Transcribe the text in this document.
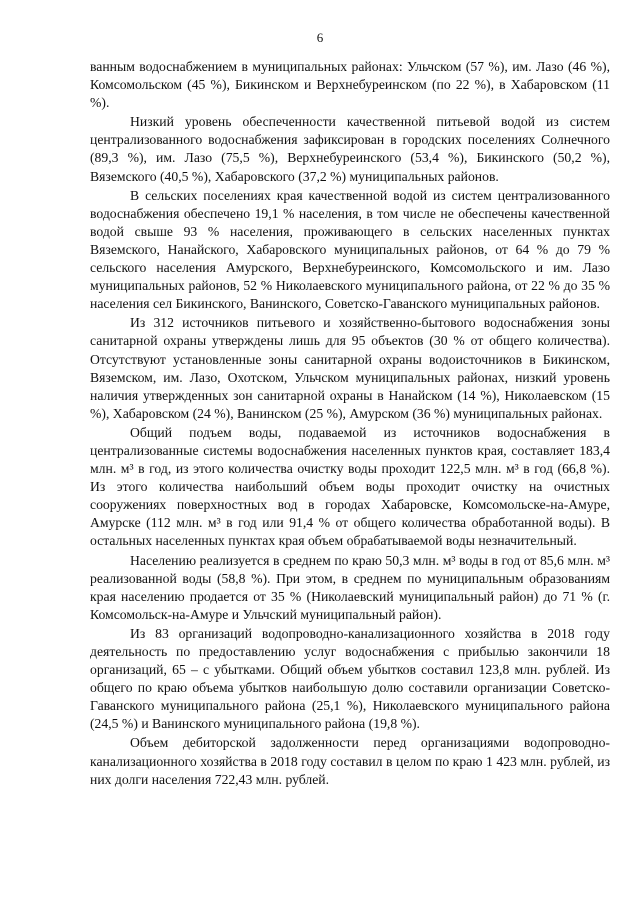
6

ванным водоснабжением в муниципальных районах: Ульчском (57 %), им. Лазо (46 %), Комсомольском (45 %), Бикинском и Верхнебуреинском (по 22 %), в Хабаровском (11 %).

Низкий уровень обеспеченности качественной питьевой водой из систем централизованного водоснабжения зафиксирован в городских поселениях Солнечного (89,3 %), им. Лазо (75,5 %), Верхнебуреинского (53,4 %), Бикинского (50,2 %), Вяземского (40,5 %), Хабаровского (37,2 %) муниципальных районов.

В сельских поселениях края качественной водой из систем централизованного водоснабжения обеспечено 19,1 % населения, в том числе не обеспечены качественной водой свыше 93 % населения, проживающего в сельских населенных пунктах Вяземского, Нанайского, Хабаровского муниципальных районов, от 64 % до 79 % сельского населения Амурского, Верхнебуреинского, Комсомольского и им. Лазо муниципальных районов, 52 % Николаевского муниципального района, от 22 % до 35 % населения сел Бикинского, Ванинского, Советско-Гаванского муниципальных районов.

Из 312 источников питьевого и хозяйственно-бытового водоснабжения зоны санитарной охраны утверждены лишь для 95 объектов (30 % от общего количества). Отсутствуют установленные зоны санитарной охраны водоисточников в Бикинском, Вяземском, им. Лазо, Охотском, Ульчском муниципальных районах, низкий уровень наличия утвержденных зон санитарной охраны в Нанайском (14 %), Николаевском (15 %), Хабаровском (24 %), Ванинском (25 %), Амурском (36 %) муниципальных районах.

Общий подъем воды, подаваемой из источников водоснабжения в централизованные системы водоснабжения населенных пунктов края, составляет 183,4 млн. м³ в год, из этого количества очистку воды проходит 122,5 млн. м³ в год (66,8 %). Из этого количества наибольший объем воды проходит очистку на очистных сооружениях поверхностных вод в городах Хабаровске, Комсомольске-на-Амуре, Амурске (112 млн. м³ в год или 91,4 % от общего количества обработанной воды). В остальных населенных пунктах края объем обрабатываемой воды незначительный.

Населению реализуется в среднем по краю 50,3 млн. м³ воды в год от 85,6 млн. м³ реализованной воды (58,8 %). При этом, в среднем по муниципальным образованиям края населению продается от 35 % (Николаевский муниципальный район) до 71 % (г. Комсомольск-на-Амуре и Ульчский муниципальный район).

Из 83 организаций водопроводно-канализационного хозяйства в 2018 году деятельность по предоставлению услуг водоснабжения с прибылью закончили 18 организаций, 65 – с убытками. Общий объем убытков составил 123,8 млн. рублей. Из общего по краю объема убытков наибольшую долю составили организации Советско-Гаванского муниципального района (25,1 %), Николаевского муниципального района (24,5 %) и Ванинского муниципального района (19,8 %).

Объем дебиторской задолженности перед организациями водопроводно-канализационного хозяйства в 2018 году составил в целом по краю 1 423 млн. рублей, из них долги населения 722,43 млн. рублей.
